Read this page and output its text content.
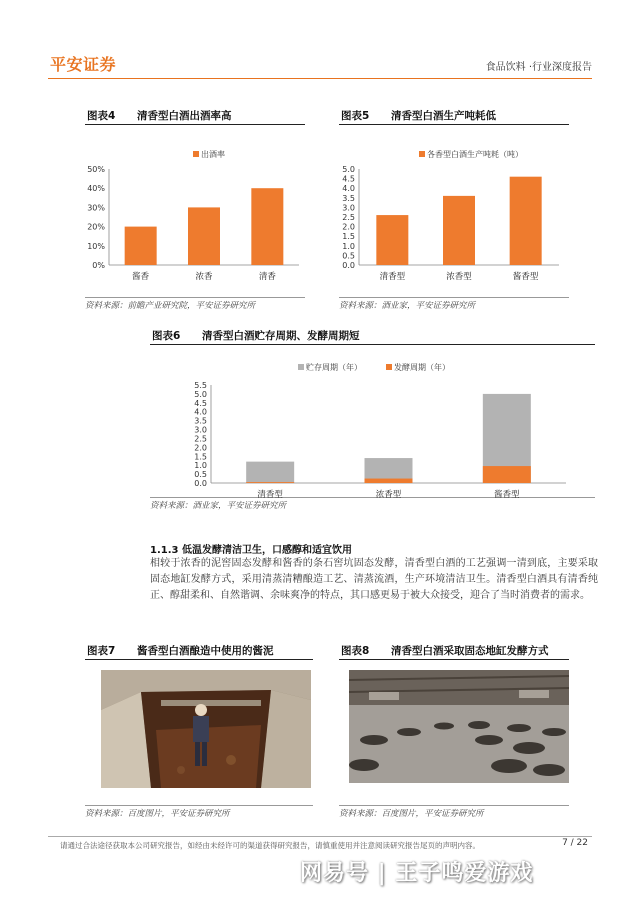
平安证券	食品饮料 ·行业深度报告
图表4 清香型白酒出酒率高
50%
40%
30%
20%
10%
0%
酱香	浓香	清香
出酒率
资料来源：前瞻产业研究院，平安证券研究所
图表5 清香型白酒生产吨耗低
5.0
4.5
4.0
3.5
3.0
2.5
2.0
1.5
1.0
0.5
0.0
清香型	浓香型	酱香型
各香型白酒生产吨耗（吨）
资料来源：酒业家，平安证券研究所
图表6 清香型白酒贮存周期、发酵周期短
5.5
5.0
4.5
4.0
3.5
3.0
2.5
2.0
1.5
1.0
0.5
0.0
清香型	浓香型	酱香型
贮存周期（年）	发酵周期（年）
资料来源：酒业家，平安证券研究所
1.1.3 低温发酵清洁卫生，口感醇和适宜饮用
相较于浓香的泥窖固态发酵和酱香的条石窖坑固态发酵，清香型白酒的工艺强调一清到底，主要采取固态地缸发酵方式，采用清蒸清糟酿造工艺、清蒸流酒，生产环境清洁卫生。清香型白酒具有清香纯正、醇甜柔和、自然谐调、余味爽净的特点，其口感更易于被大众接受，迎合了当时消费者的需求。
图表7 酱香型白酒酿造中使用的酱泥
资料来源：百度图片，平安证券研究所
图表8 清香型白酒采取固态地缸发酵方式
资料来源：百度图片，平安证券研究所
请通过合法途径获取本公司研究报告，如经由未经许可的渠道获得研究报告，请慎重使用并注意阅读研究报告尾页的声明内容。	7 / 22
网易号 | 王子鸣爱游戏
